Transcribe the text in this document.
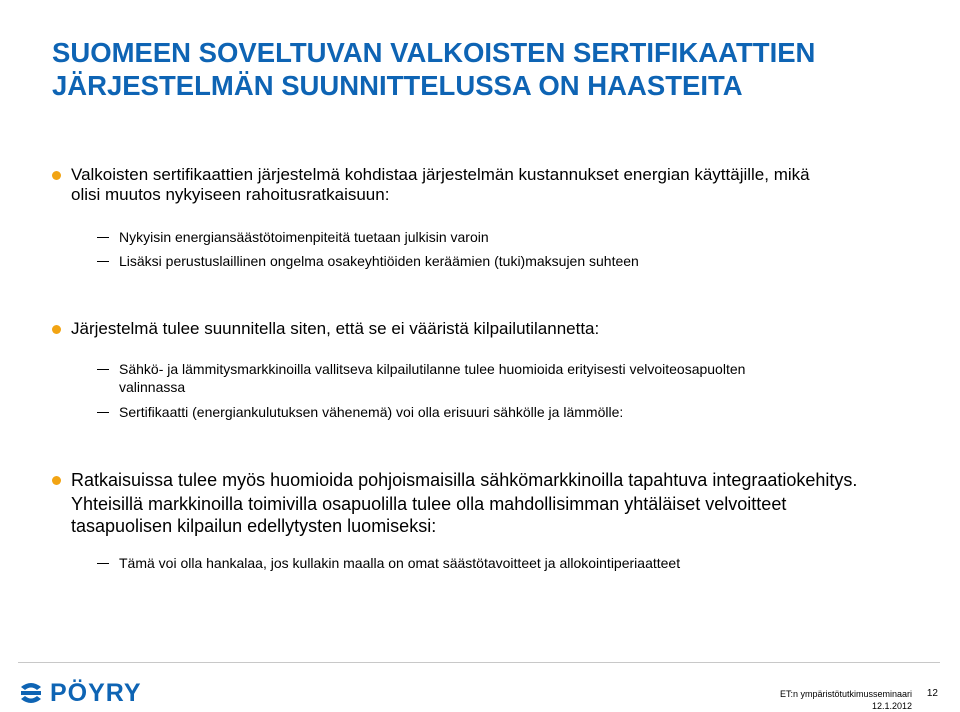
SUOMEEN SOVELTUVAN VALKOISTEN SERTIFIKAATTIEN
JÄRJESTELMÄN SUUNNITTELUSSA ON HAASTEITA
Valkoisten sertifikaattien järjestelmä kohdistaa järjestelmän kustannukset energian käyttäjille, mikä
olisi muutos nykyiseen rahoitusratkaisuun:
Nykyisin energiansäästötoimenpiteitä tuetaan julkisin varoin
Lisäksi perustuslaillinen ongelma osakeyhtiöiden keräämien (tuki)maksujen suhteen
Järjestelmä tulee suunnitella siten, että se ei vääristä kilpailutilannetta:
Sähkö- ja lämmitysmarkkinoilla vallitseva kilpailutilanne tulee huomioida erityisesti velvoiteosapuolten
valinnassa
Sertifikaatti (energiankulutuksen vähenemä) voi olla erisuuri sähkölle ja lämmölle:
Ratkaisuissa tulee myös huomioida pohjoismaisilla sähkömarkkinoilla tapahtuva integraatiokehitys.
Yhteisillä markkinoilla toimivilla osapuolilla tulee olla mahdollisimman yhtäläiset velvoitteet
tasapuolisen kilpailun edellytysten luomiseksi:
Tämä voi olla hankalaa, jos kullakin maalla on omat säästötavoitteet ja allokointiperiaatteet
PÖYRY	ET:n ympäristötutkimusseminaari
12.1.2012
12
